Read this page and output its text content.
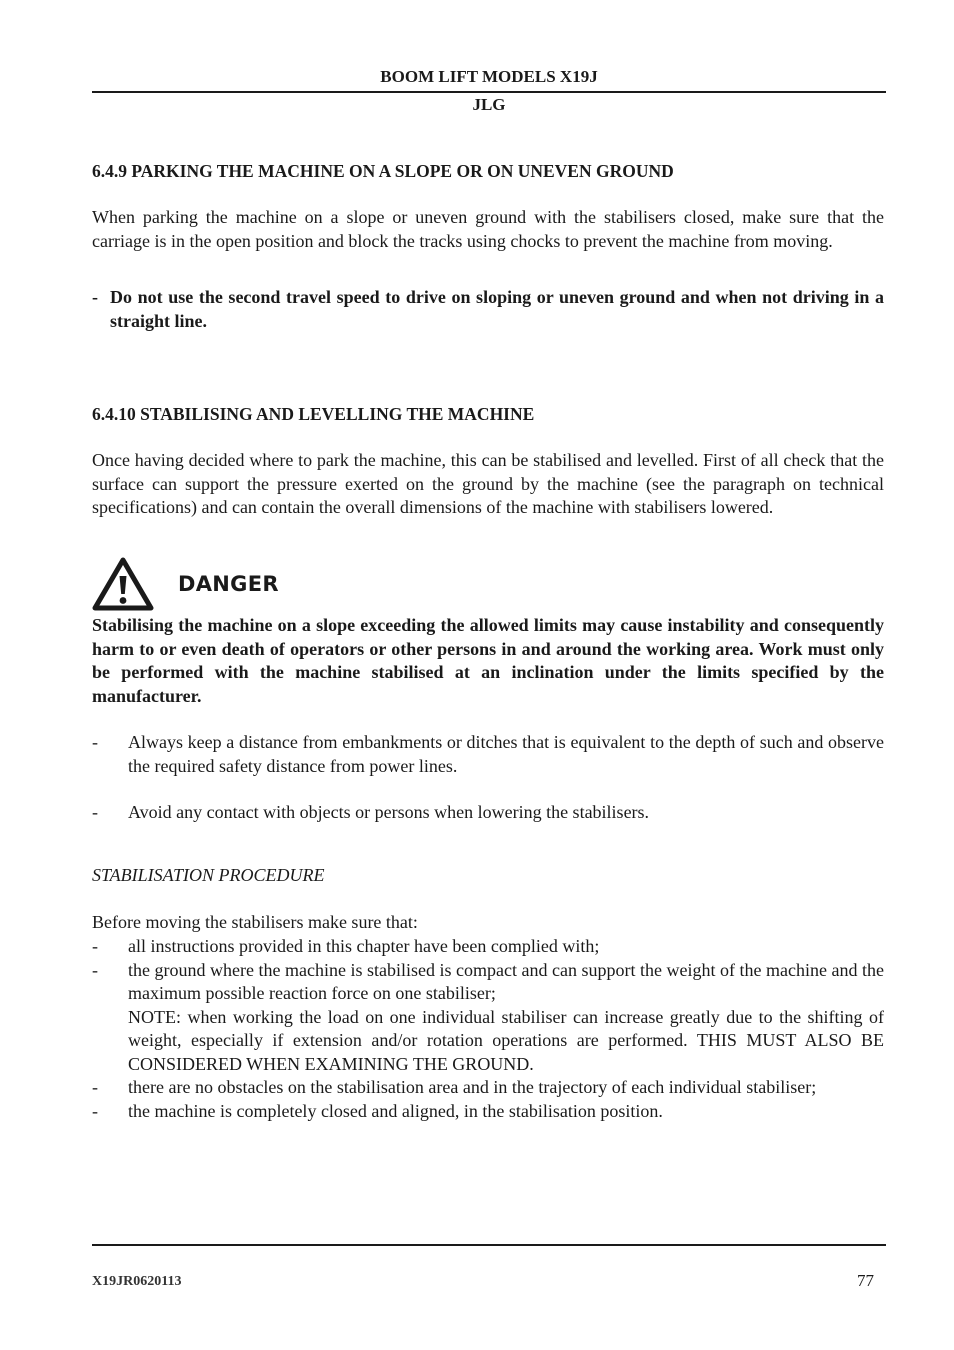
BOOM LIFT MODELS X19J
JLG
6.4.9 PARKING THE MACHINE ON A SLOPE OR ON UNEVEN GROUND
When parking the machine on a slope or uneven ground with the stabilisers closed, make sure that the carriage is in the open position and block the tracks using chocks to prevent the machine from moving.
- Do not use the second travel speed to drive on sloping or uneven ground and when not driving in a straight line.
6.4.10 STABILISING AND LEVELLING THE MACHINE
Once having decided where to park the machine, this can be stabilised and levelled. First of all check that the surface can support the pressure exerted on the ground by the machine (see the paragraph on technical specifications) and can contain the overall dimensions of the machine with stabilisers lowered.
DANGER
Stabilising the machine on a slope exceeding the allowed limits may cause instability and consequently harm to or even death of operators or other persons in and around the working area. Work must only be performed with the machine stabilised at an inclination under the limits specified by the manufacturer.
-	Always keep a distance from embankments or ditches that is equivalent to the depth of such and observe the required safety distance from power lines.
-	Avoid any contact with objects or persons when lowering the stabilisers.
STABILISATION PROCEDURE
Before moving the stabilisers make sure that:
-	all instructions provided in this chapter have been complied with;
-	the ground where the machine is stabilised is compact and can support the weight of the machine and the maximum possible reaction force on one stabiliser;
NOTE: when working the load on one individual stabiliser can increase greatly due to the shifting of weight, especially if extension and/or rotation operations are performed. THIS MUST ALSO BE CONSIDERED WHEN EXAMINING THE GROUND.
-	there are no obstacles on the stabilisation area and in the trajectory of each individual stabiliser;
-	the machine is completely closed and aligned, in the stabilisation position.
X19JR0620113	77
